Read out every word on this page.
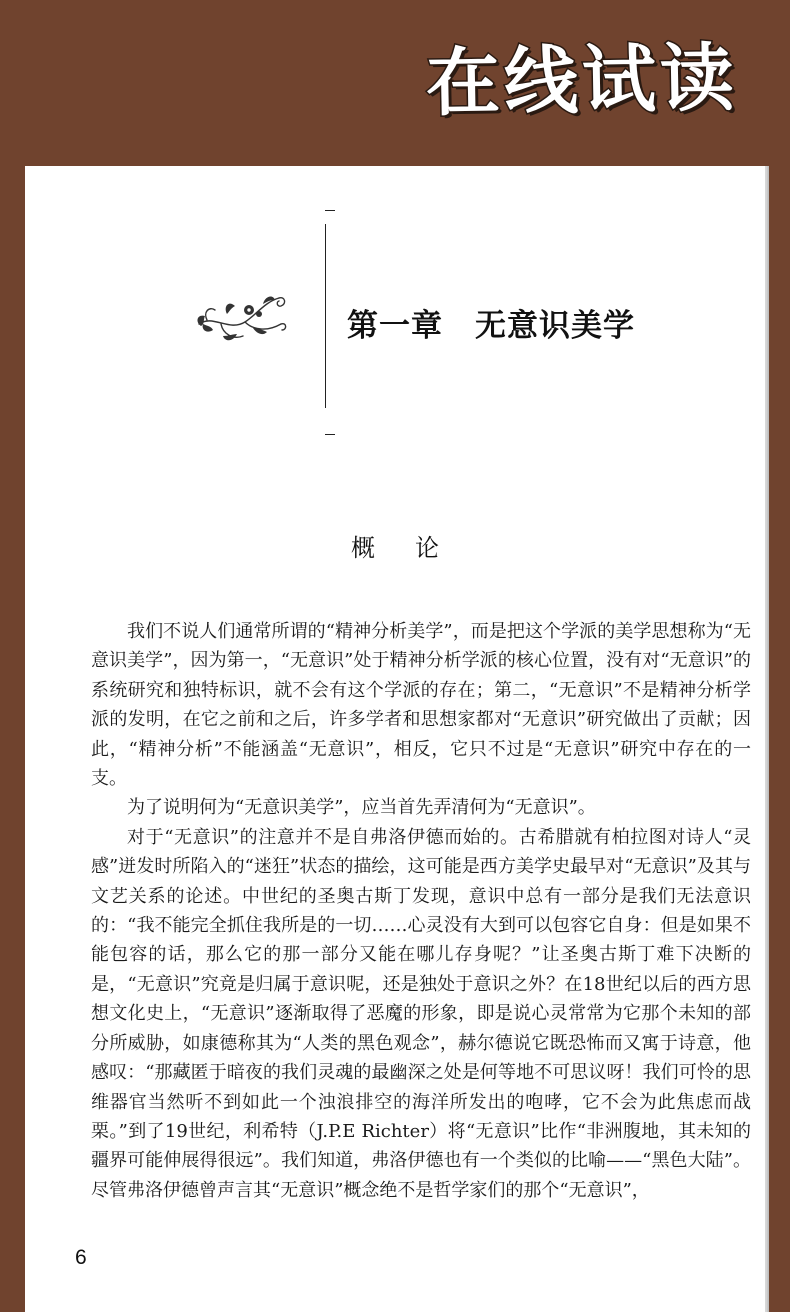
在线试读
第一章　无意识美学
概论

我们不说人们通常所谓的“精神分析美学”，而是把这个学派的美学思想称为“无意识美学”，因为第一，“无意识”处于精神分析学派的核心位置，没有对“无意识”的系统研究和独特标识，就不会有这个学派的存在；第二，“无意识”不是精神分析学派的发明，在它之前和之后，许多学者和思想家都对“无意识”研究做出了贡献；因此，“精神分析”不能涵盖“无意识”，相反，它只不过是“无意识”研究中存在的一支。

为了说明何为“无意识美学”，应当首先弄清何为“无意识”。

对于“无意识”的注意并不是自弗洛伊德而始的。古希腊就有柏拉图对诗人“灵感”迸发时所陷入的“迷狂”状态的描绘，这可能是西方美学史最早对“无意识”及其与文艺关系的论述。中世纪的圣奥古斯丁发现，意识中总有一部分是我们无法意识的：“我不能完全抓住我所是的一切……心灵没有大到可以包容它自身：但是如果不能包容的话，那么它的那一部分又能在哪儿存身呢？”让圣奥古斯丁难下决断的是，“无意识”究竟是归属于意识呢，还是独处于意识之外？在18世纪以后的西方思想文化史上，“无意识”逐渐取得了恶魔的形象，即是说心灵常常为它那个未知的部分所威胁，如康德称其为“人类的黑色观念”，赫尔德说它既恐怖而又寓于诗意，他感叹：“那藏匿于暗夜的我们灵魂的最幽深之处是何等地不可思议呀！我们可怜的思维器官当然听不到如此一个浊浪排空的海洋所发出的咆哮，它不会为此焦虑而战栗。”到了19世纪，利希特（J.P.E Richter）将“无意识”比作“非洲腹地，其未知的疆界可能伸展得很远”。我们知道，弗洛伊德也有一个类似的比喻——“黑色大陆”。尽管弗洛伊德曾声言其“无意识”概念绝不是哲学家们的那个“无意识”，

6
